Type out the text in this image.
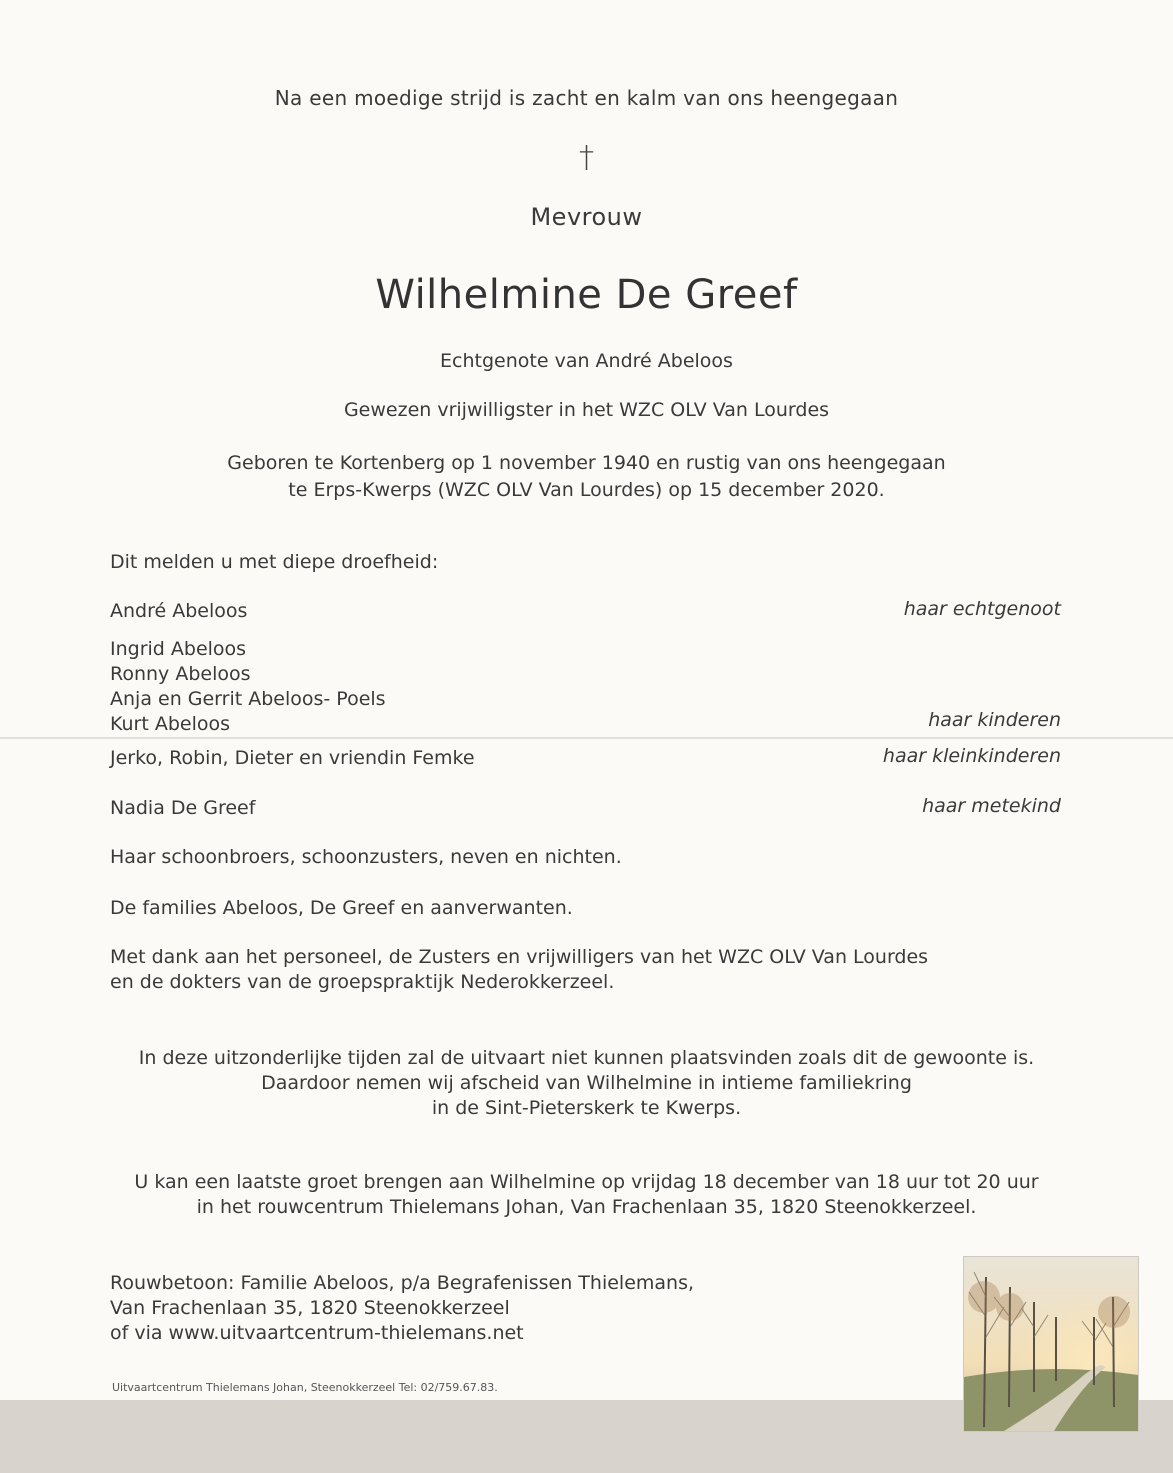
Na een moedige strijd is zacht en kalm van ons heengegaan
†
Mevrouw
Wilhelmine De Greef
Echtgenote van André Abeloos
Gewezen vrijwilligster in het WZC OLV Van Lourdes
Geboren te Kortenberg op 1 november 1940 en rustig van ons heengegaan
te Erps-Kwerps (WZC OLV Van Lourdes) op 15 december 2020.
Dit melden u met diepe droefheid:
André Abeloos	haar echtgenoot
Ingrid Abeloos
Ronny Abeloos
Anja en Gerrit Abeloos- Poels
Kurt Abeloos	haar kinderen
Jerko, Robin, Dieter en vriendin Femke	haar kleinkinderen
Nadia De Greef	haar metekind
Haar schoonbroers, schoonzusters, neven en nichten.
De families Abeloos, De Greef en aanverwanten.
Met dank aan het personeel, de Zusters en vrijwilligers van het WZC OLV Van Lourdes
en de dokters van de groepspraktijk Nederokkerzeel.
In deze uitzonderlijke tijden zal de uitvaart niet kunnen plaatsvinden zoals dit de gewoonte is.
Daardoor nemen wij afscheid van Wilhelmine in intieme familiekring
in de Sint-Pieterskerk te Kwerps.
U kan een laatste groet brengen aan Wilhelmine op vrijdag 18 december van 18 uur tot 20 uur
in het rouwcentrum Thielemans Johan, Van Frachenlaan 35, 1820 Steenokkerzeel.
Rouwbetoon: Familie Abeloos, p/a Begrafenissen Thielemans,
Van Frachenlaan 35, 1820 Steenokkerzeel
of via www.uitvaartcentrum-thielemans.net
Uitvaartcentrum Thielemans Johan, Steenokkerzeel Tel: 02/759.67.83.
